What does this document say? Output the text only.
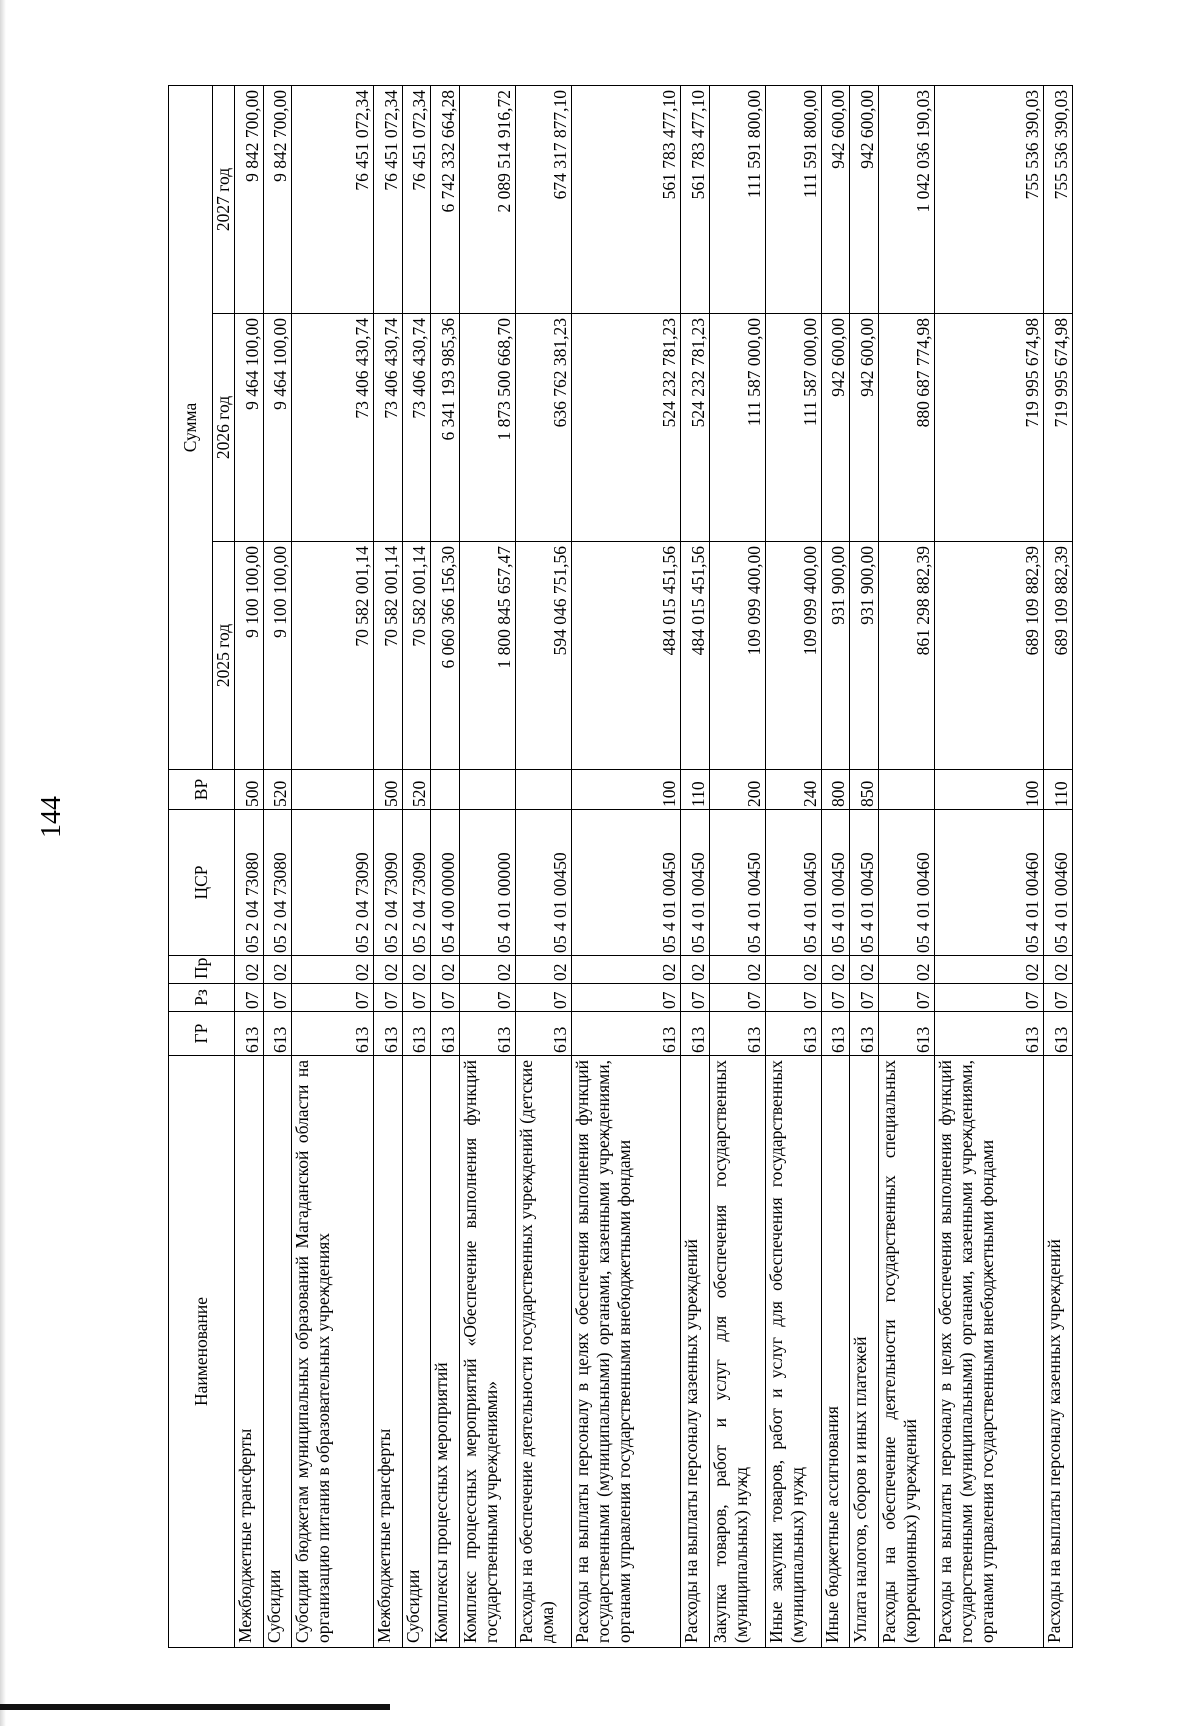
144
Наименование	ГР	Рз	Пр	ЦСР	ВР	Сумма		
						2025 год	2026 год	2027 год
Межбюджетные трансферты	613	07	02	05 2 04 73080	500	9 100 100,00	9 464 100,00	9 842 700,00
Субсидии	613	07	02	05 2 04 73080	520	9 100 100,00	9 464 100,00	9 842 700,00
Субсидии бюджетам муниципальных образований Магаданской области на организацию питания в образовательных учреждениях	613	07	02	05 2 04 73090		70 582 001,14	73 406 430,74	76 451 072,34
Межбюджетные трансферты	613	07	02	05 2 04 73090	500	70 582 001,14	73 406 430,74	76 451 072,34
Субсидии	613	07	02	05 2 04 73090	520	70 582 001,14	73 406 430,74	76 451 072,34
Комплексы процессных мероприятий	613	07	02	05 4 00 00000		6 060 366 156,30	6 341 193 985,36	6 742 332 664,28
Комплекс процессных мероприятий «Обеспечение выполнения функций государственными учреждениями»	613	07	02	05 4 01 00000		1 800 845 657,47	1 873 500 668,70	2 089 514 916,72
Расходы на обеспечение деятельности государственных учреждений (детские дома)	613	07	02	05 4 01 00450		594 046 751,56	636 762 381,23	674 317 877,10
Расходы на выплаты персоналу в целях обеспечения выполнения функций государственными (муниципальными) органами, казенными учреждениями, органами управления государственными внебюджетными фондами	613	07	02	05 4 01 00450	100	484 015 451,56	524 232 781,23	561 783 477,10
Расходы на выплаты персоналу казенных учреждений	613	07	02	05 4 01 00450	110	484 015 451,56	524 232 781,23	561 783 477,10
Закупка товаров, работ и услуг для обеспечения государственных (муниципальных) нужд	613	07	02	05 4 01 00450	200	109 099 400,00	111 587 000,00	111 591 800,00
Иные закупки товаров, работ и услуг для обеспечения государственных (муниципальных) нужд	613	07	02	05 4 01 00450	240	109 099 400,00	111 587 000,00	111 591 800,00
Иные бюджетные ассигнования	613	07	02	05 4 01 00450	800	931 900,00	942 600,00	942 600,00
Уплата налогов, сборов и иных платежей	613	07	02	05 4 01 00450	850	931 900,00	942 600,00	942 600,00
Расходы на обеспечение деятельности государственных специальных (коррекционных) учреждений	613	07	02	05 4 01 00460		861 298 882,39	880 687 774,98	1 042 036 190,03
Расходы на выплаты персоналу в целях обеспечения выполнения функций государственными (муниципальными) органами, казенными учреждениями, органами управления государственными внебюджетными фондами	613	07	02	05 4 01 00460	100	689 109 882,39	719 995 674,98	755 536 390,03
Расходы на выплаты персоналу казенных учреждений	613	07	02	05 4 01 00460	110	689 109 882,39	719 995 674,98	755 536 390,03
